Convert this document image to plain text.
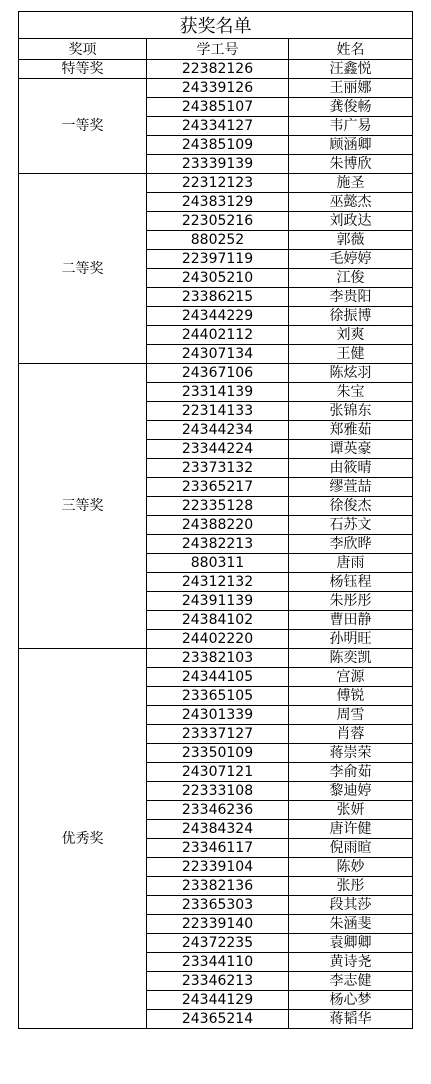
获奖名单		
奖项	学工号	姓名
特等奖	22382126	汪鑫悦
一等奖	24339126	王丽娜
	24385107	龚俊畅
	24334127	韦广易
	24385109	顾涵卿
	23339139	朱博欣
二等奖	22312123	施圣
	24383129	巫懿杰
	22305216	刘政达
	880252	郭薇
	22397119	毛婷婷
	24305210	江俊
	23386215	李贵阳
	24344229	徐振博
	24402112	刘爽
	24307134	王健
三等奖	24367106	陈炫羽
	23314139	朱宝
	22314133	张锦东
	24344234	郑雅茹
	23344224	谭英豪
	23373132	由筱晴
	23365217	缪萱喆
	22335128	徐俊杰
	24388220	石苏文
	24382213	李欣晔
	880311	唐雨
	24312132	杨钰程
	24391139	朱彤彤
	24384102	曹田静
	24402220	孙明旺
优秀奖	23382103	陈奕凯
	24344105	宫源
	23365105	傅锐
	24301339	周雪
	23337127	肖蓉
	23350109	蒋崇荣
	24307121	李俞茹
	22333108	黎迪婷
	23346236	张妍
	24384324	唐许健
	23346117	倪雨暄
	22339104	陈妙
	23382136	张彤
	23365303	段其莎
	22339140	朱涵斐
	24372235	袁卿卿
	23344110	黄诗尧
	23346213	李志健
	24344129	杨心梦
	24365214	蒋韬华
